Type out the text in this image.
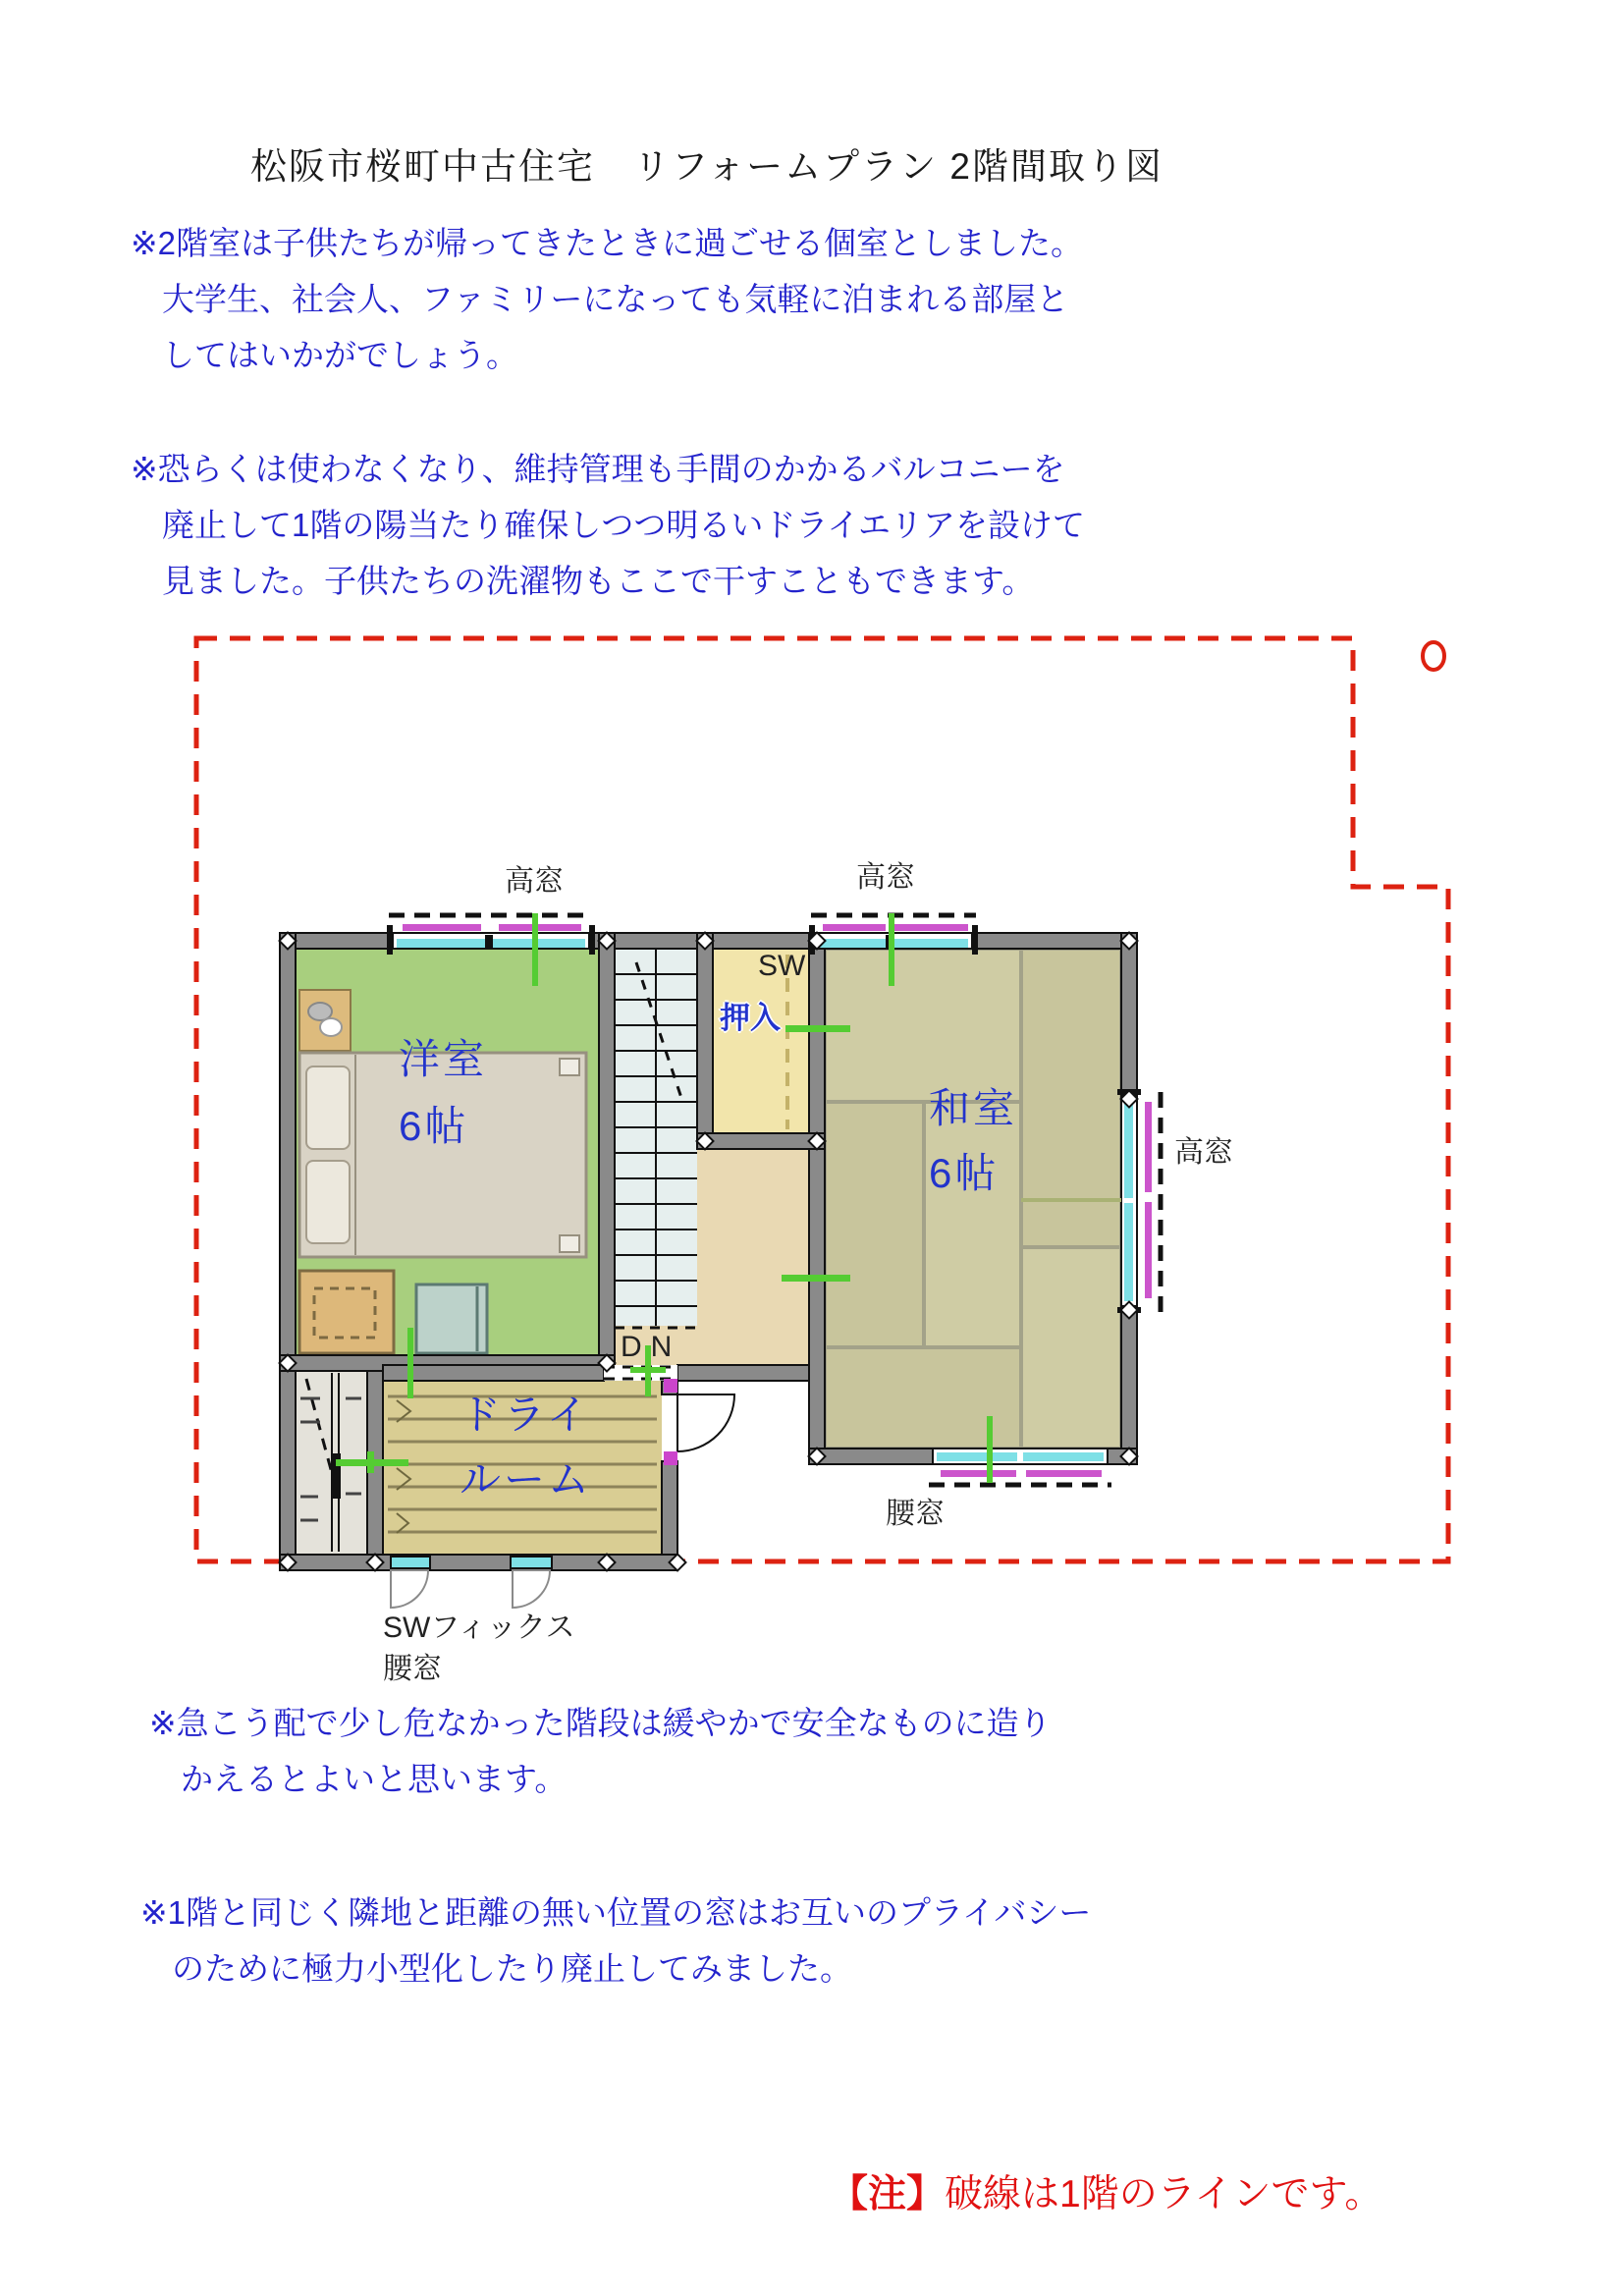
松阪市桜町中古住宅　リフォームプラン 2階間取り図
※2階室は子供たちが帰ってきたときに過ごせる個室としました。
大学生、社会人、ファミリーになっても気軽に泊まれる部屋と
してはいかがでしょう。
※恐らくは使わなくなり、維持管理も手間のかかるバルコニーを
廃止して1階の陽当たり確保しつつ明るいドライエリアを設けて
見ました。子供たちの洗濯物もここで干すこともできます。
高窓	高窓
高窓
腰窓
SW
押入
DN
洋室
6帖	和室
6帖
ドライ
ルーム
SWフィックス
腰窓
※急こう配で少し危なかった階段は緩やかで安全なものに造り
かえるとよいと思います。
※1階と同じく隣地と距離の無い位置の窓はお互いのプライバシー
のために極力小型化したり廃止してみました。
【注】破線は1階のラインです。
